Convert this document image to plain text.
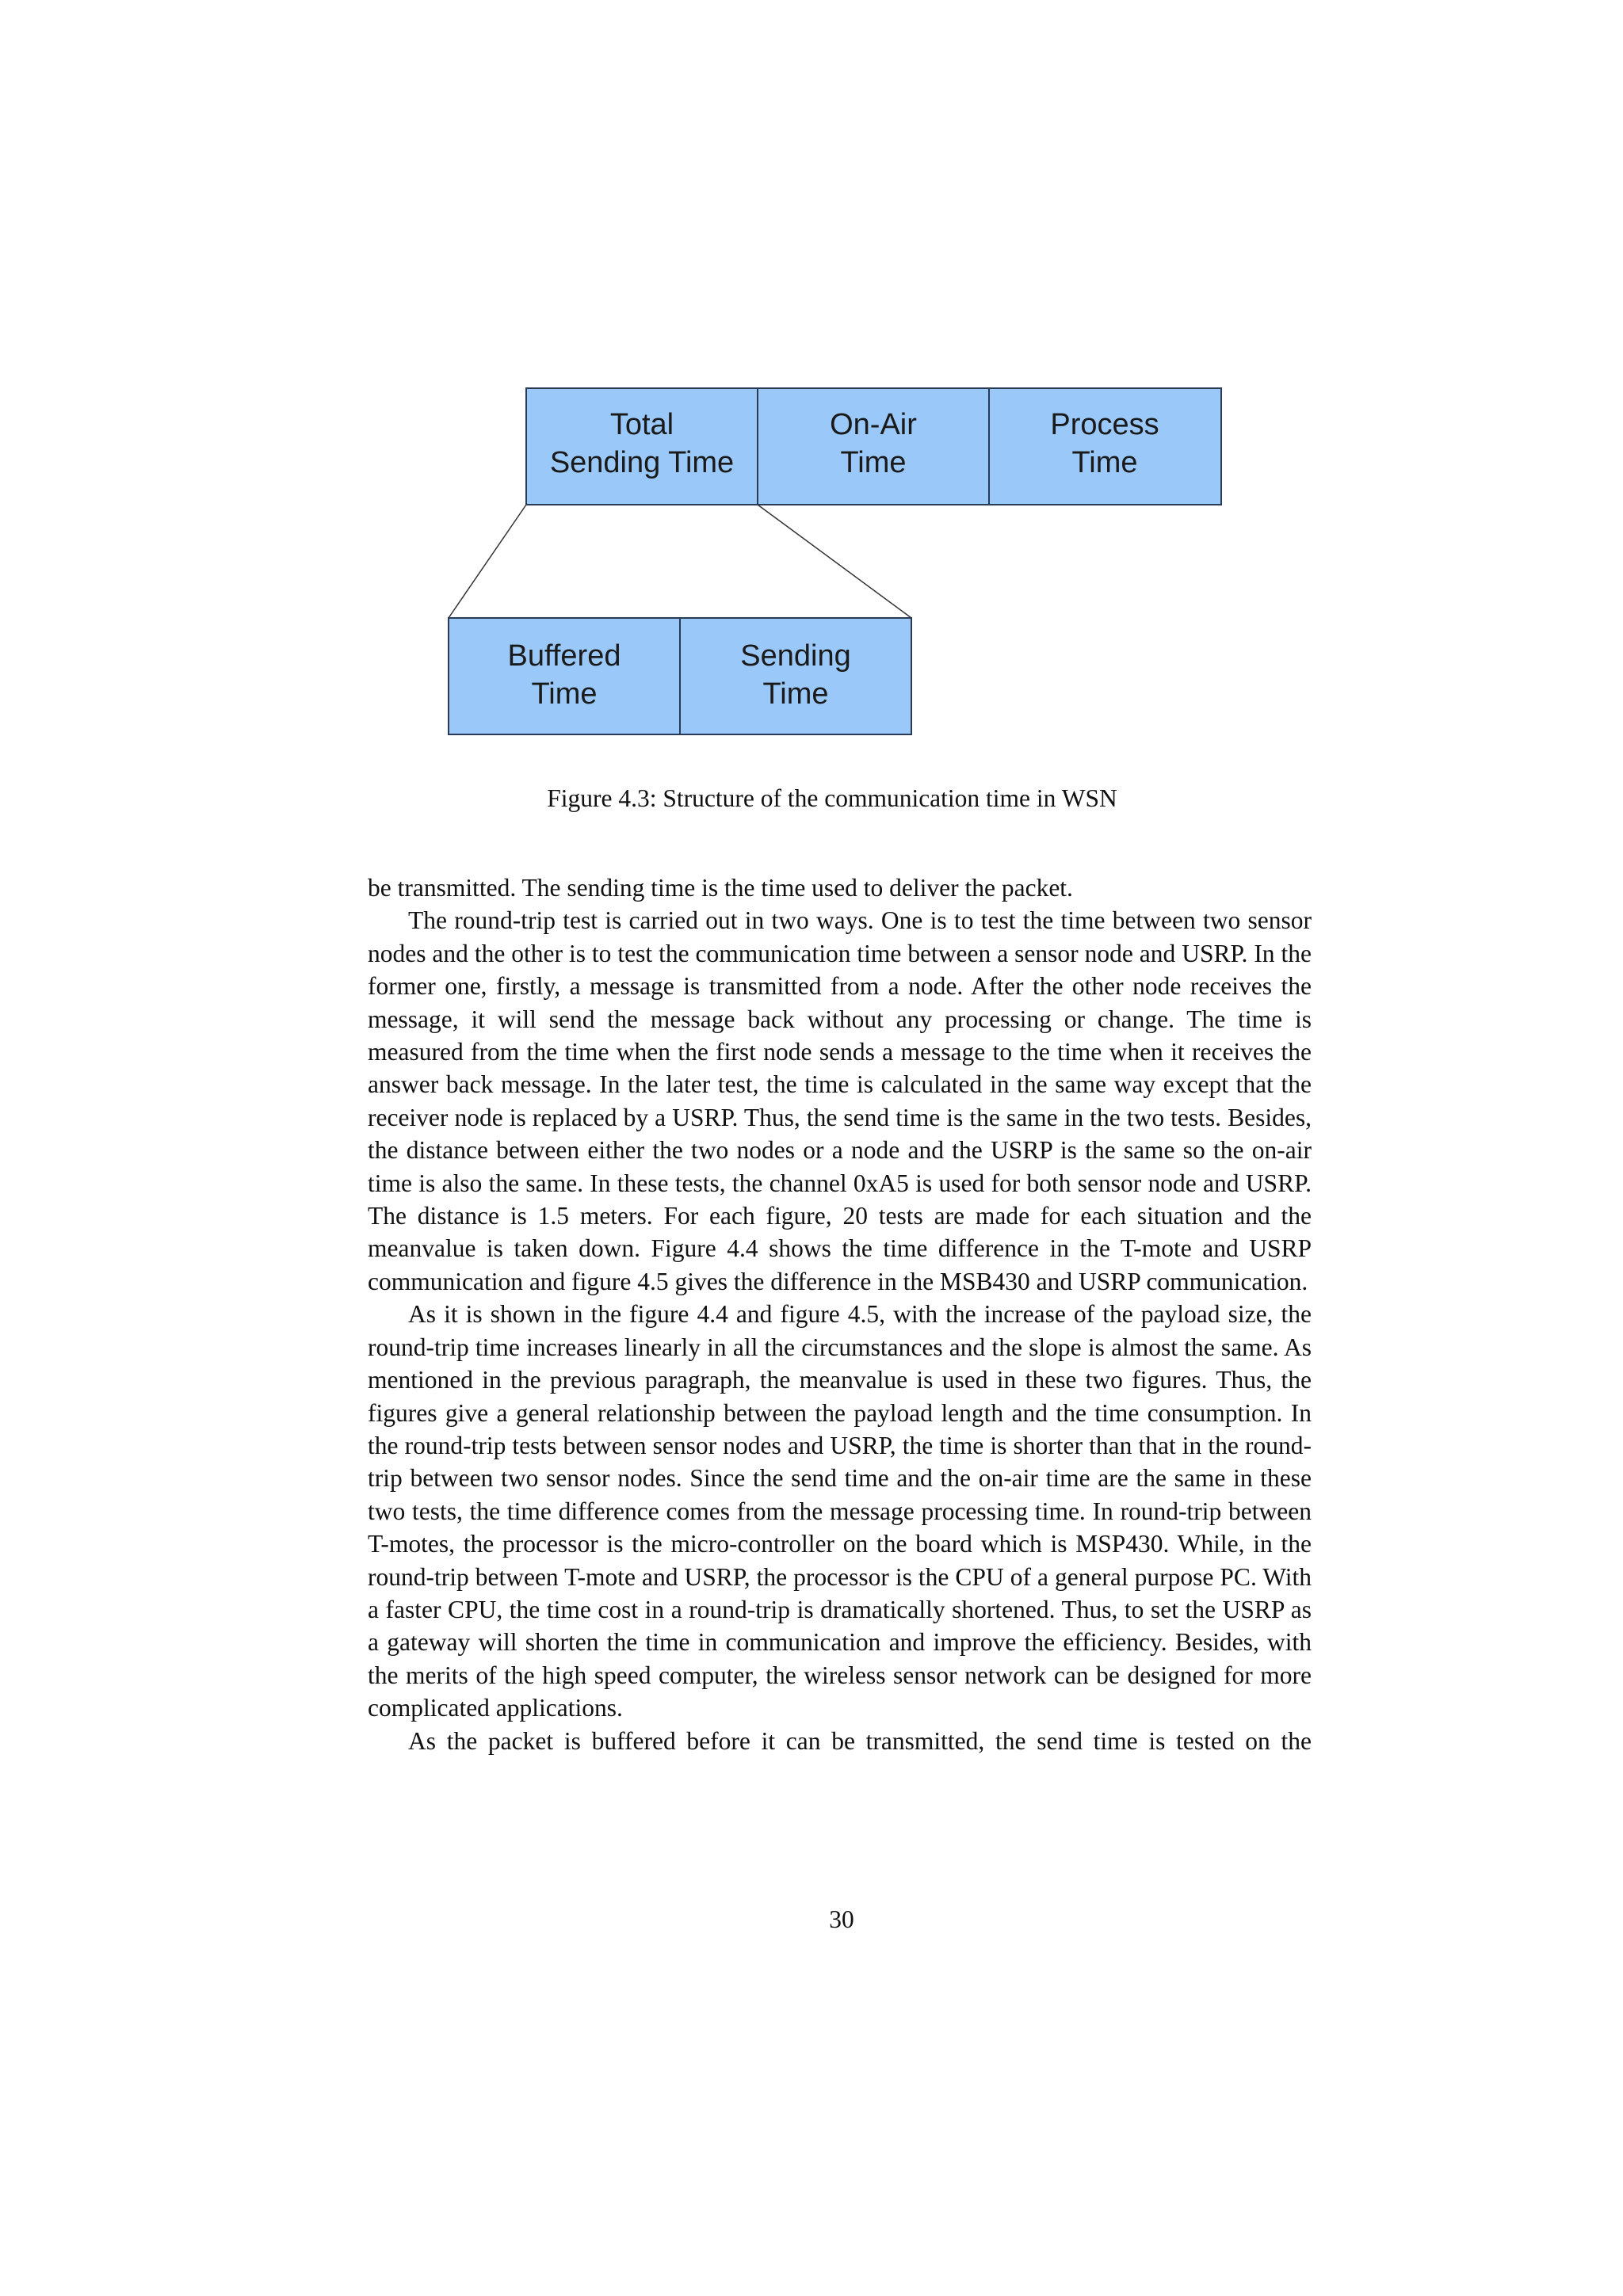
Total
Sending Time
On-Air
Time
Process
Time
Buffered
Time
Sending
Time
Figure 4.3: Structure of the communication time in WSN

be transmitted. The sending time is the time used to deliver the packet.

The round-trip test is carried out in two ways. One is to test the time between two sensor nodes and the other is to test the communication time between a sensor node and USRP. In the former one, firstly, a message is transmitted from a node. After the other node receives the message, it will send the message back without any processing or change. The time is measured from the time when the first node sends a message to the time when it receives the answer back message. In the later test, the time is calculated in the same way except that the receiver node is replaced by a USRP. Thus, the send time is the same in the two tests. Besides, the distance between either the two nodes or a node and the USRP is the same so the on-air time is also the same. In these tests, the channel 0xA5 is used for both sensor node and USRP. The distance is 1.5 meters. For each figure, 20 tests are made for each situation and the meanvalue is taken down. Figure 4.4 shows the time difference in the T-mote and USRP communication and figure 4.5 gives the difference in the MSB430 and USRP communication.

As it is shown in the figure 4.4 and figure 4.5, with the increase of the payload size, the round-trip time increases linearly in all the circumstances and the slope is almost the same. As mentioned in the previous paragraph, the meanvalue is used in these two figures. Thus, the figures give a general relationship between the payload length and the time consumption. In the round-trip tests between sensor nodes and USRP, the time is shorter than that in the round-trip between two sensor nodes. Since the send time and the on-air time are the same in these two tests, the time difference comes from the message processing time. In round-trip between T-motes, the processor is the micro-controller on the board which is MSP430. While, in the round-trip between T-mote and USRP, the processor is the CPU of a general purpose PC. With a faster CPU, the time cost in a round-trip is dramatically shortened. Thus, to set the USRP as a gateway will shorten the time in communication and improve the efficiency. Besides, with the merits of the high speed computer, the wireless sensor network can be designed for more complicated applications.

As the packet is buffered before it can be transmitted, the send time is tested on the

30
